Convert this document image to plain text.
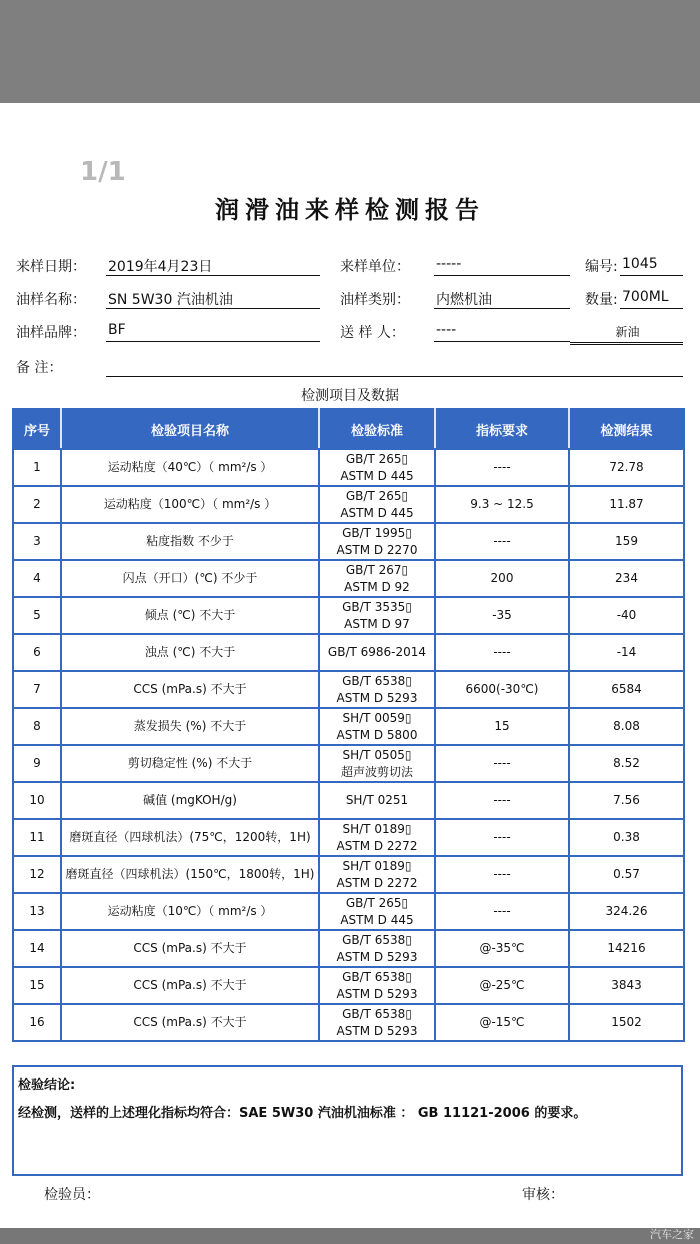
1/1
润滑油来样检测报告
来样日期： 2019年4月23日	来样单位： -----	编号: 1045
油样名称： SN 5W30 汽油机油	油样类别： 内燃机油	数量: 700ML
油样品牌： BF	送 样 人： ----	新油
备 注：
检测项目及数据
序号	检验项目名称	检验标准	指标要求	检测结果
1	运动粘度（40℃）（ mm²/s ）	GB/T 265▯
ASTM D 445	----	72.78
2	运动粘度（100℃）（ mm²/s ）	GB/T 265▯
ASTM D 445	9.3 ~ 12.5	11.87
3	粘度指数 不少于	GB/T 1995▯
ASTM D 2270	----	159
4	闪点（开口）(℃) 不少于	GB/T 267▯
ASTM D 92	200	234
5	倾点 (℃) 不大于	GB/T 3535▯
ASTM D 97	-35	-40
6	浊点 (℃) 不大于	GB/T 6986-2014	----	-14
7	CCS (mPa.s) 不大于	GB/T 6538▯
ASTM D 5293	6600(-30℃)	6584
8	蒸发损失 (%) 不大于	SH/T 0059▯
ASTM D 5800	15	8.08
9	剪切稳定性 (%) 不大于	SH/T 0505▯
超声波剪切法	----	8.52
10	碱值 (mgKOH/g)	SH/T 0251	----	7.56
11	磨斑直径（四球机法）(75℃，1200转，1H)	SH/T 0189▯
ASTM D 2272	----	0.38
12	磨斑直径（四球机法）(150℃，1800转，1H)	SH/T 0189▯
ASTM D 2272	----	0.57
13	运动粘度（10℃）（ mm²/s ）	GB/T 265▯
ASTM D 445	----	324.26
14	CCS (mPa.s) 不大于	GB/T 6538▯
ASTM D 5293	@-35℃	14216
15	CCS (mPa.s) 不大于	GB/T 6538▯
ASTM D 5293	@-25℃	3843
16	CCS (mPa.s) 不大于	GB/T 6538▯
ASTM D 5293	@-15℃	1502
检验结论:
经检测，送样的上述理化指标均符合：SAE 5W30 汽油机油标准 ： GB 11121-2006 的要求。
检验员：	审核：
汽车之家
